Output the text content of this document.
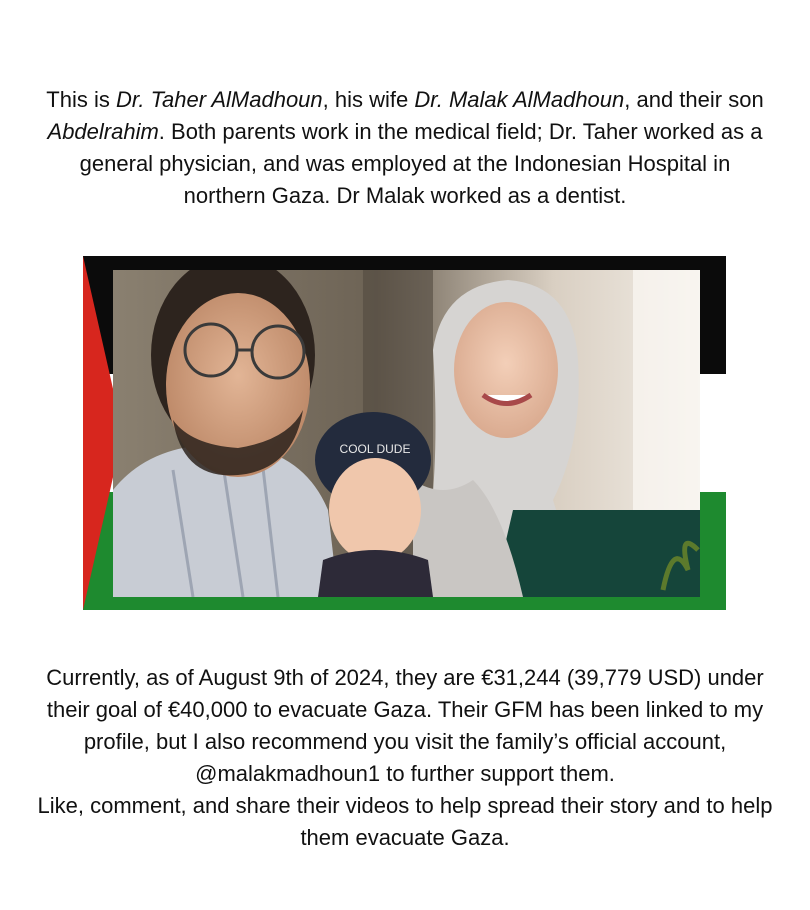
This is Dr. Taher AlMadhoun, his wife Dr. Malak AlMadhoun, and their son Abdelrahim. Both parents work in the medical field; Dr. Taher worked as a general physician, and was employed at the Indonesian Hospital in northern Gaza. Dr Malak worked as a dentist.

COOL DUDE

Currently, as of August 9th of 2024, they are €31,244 (39,779 USD) under their goal of €40,000 to evacuate Gaza. Their GFM has been linked to my profile, but I also recommend you visit the family’s official account, @malakmadhoun1 to further support them.
Like, comment, and share their videos to help spread their story and to help them evacuate Gaza.
